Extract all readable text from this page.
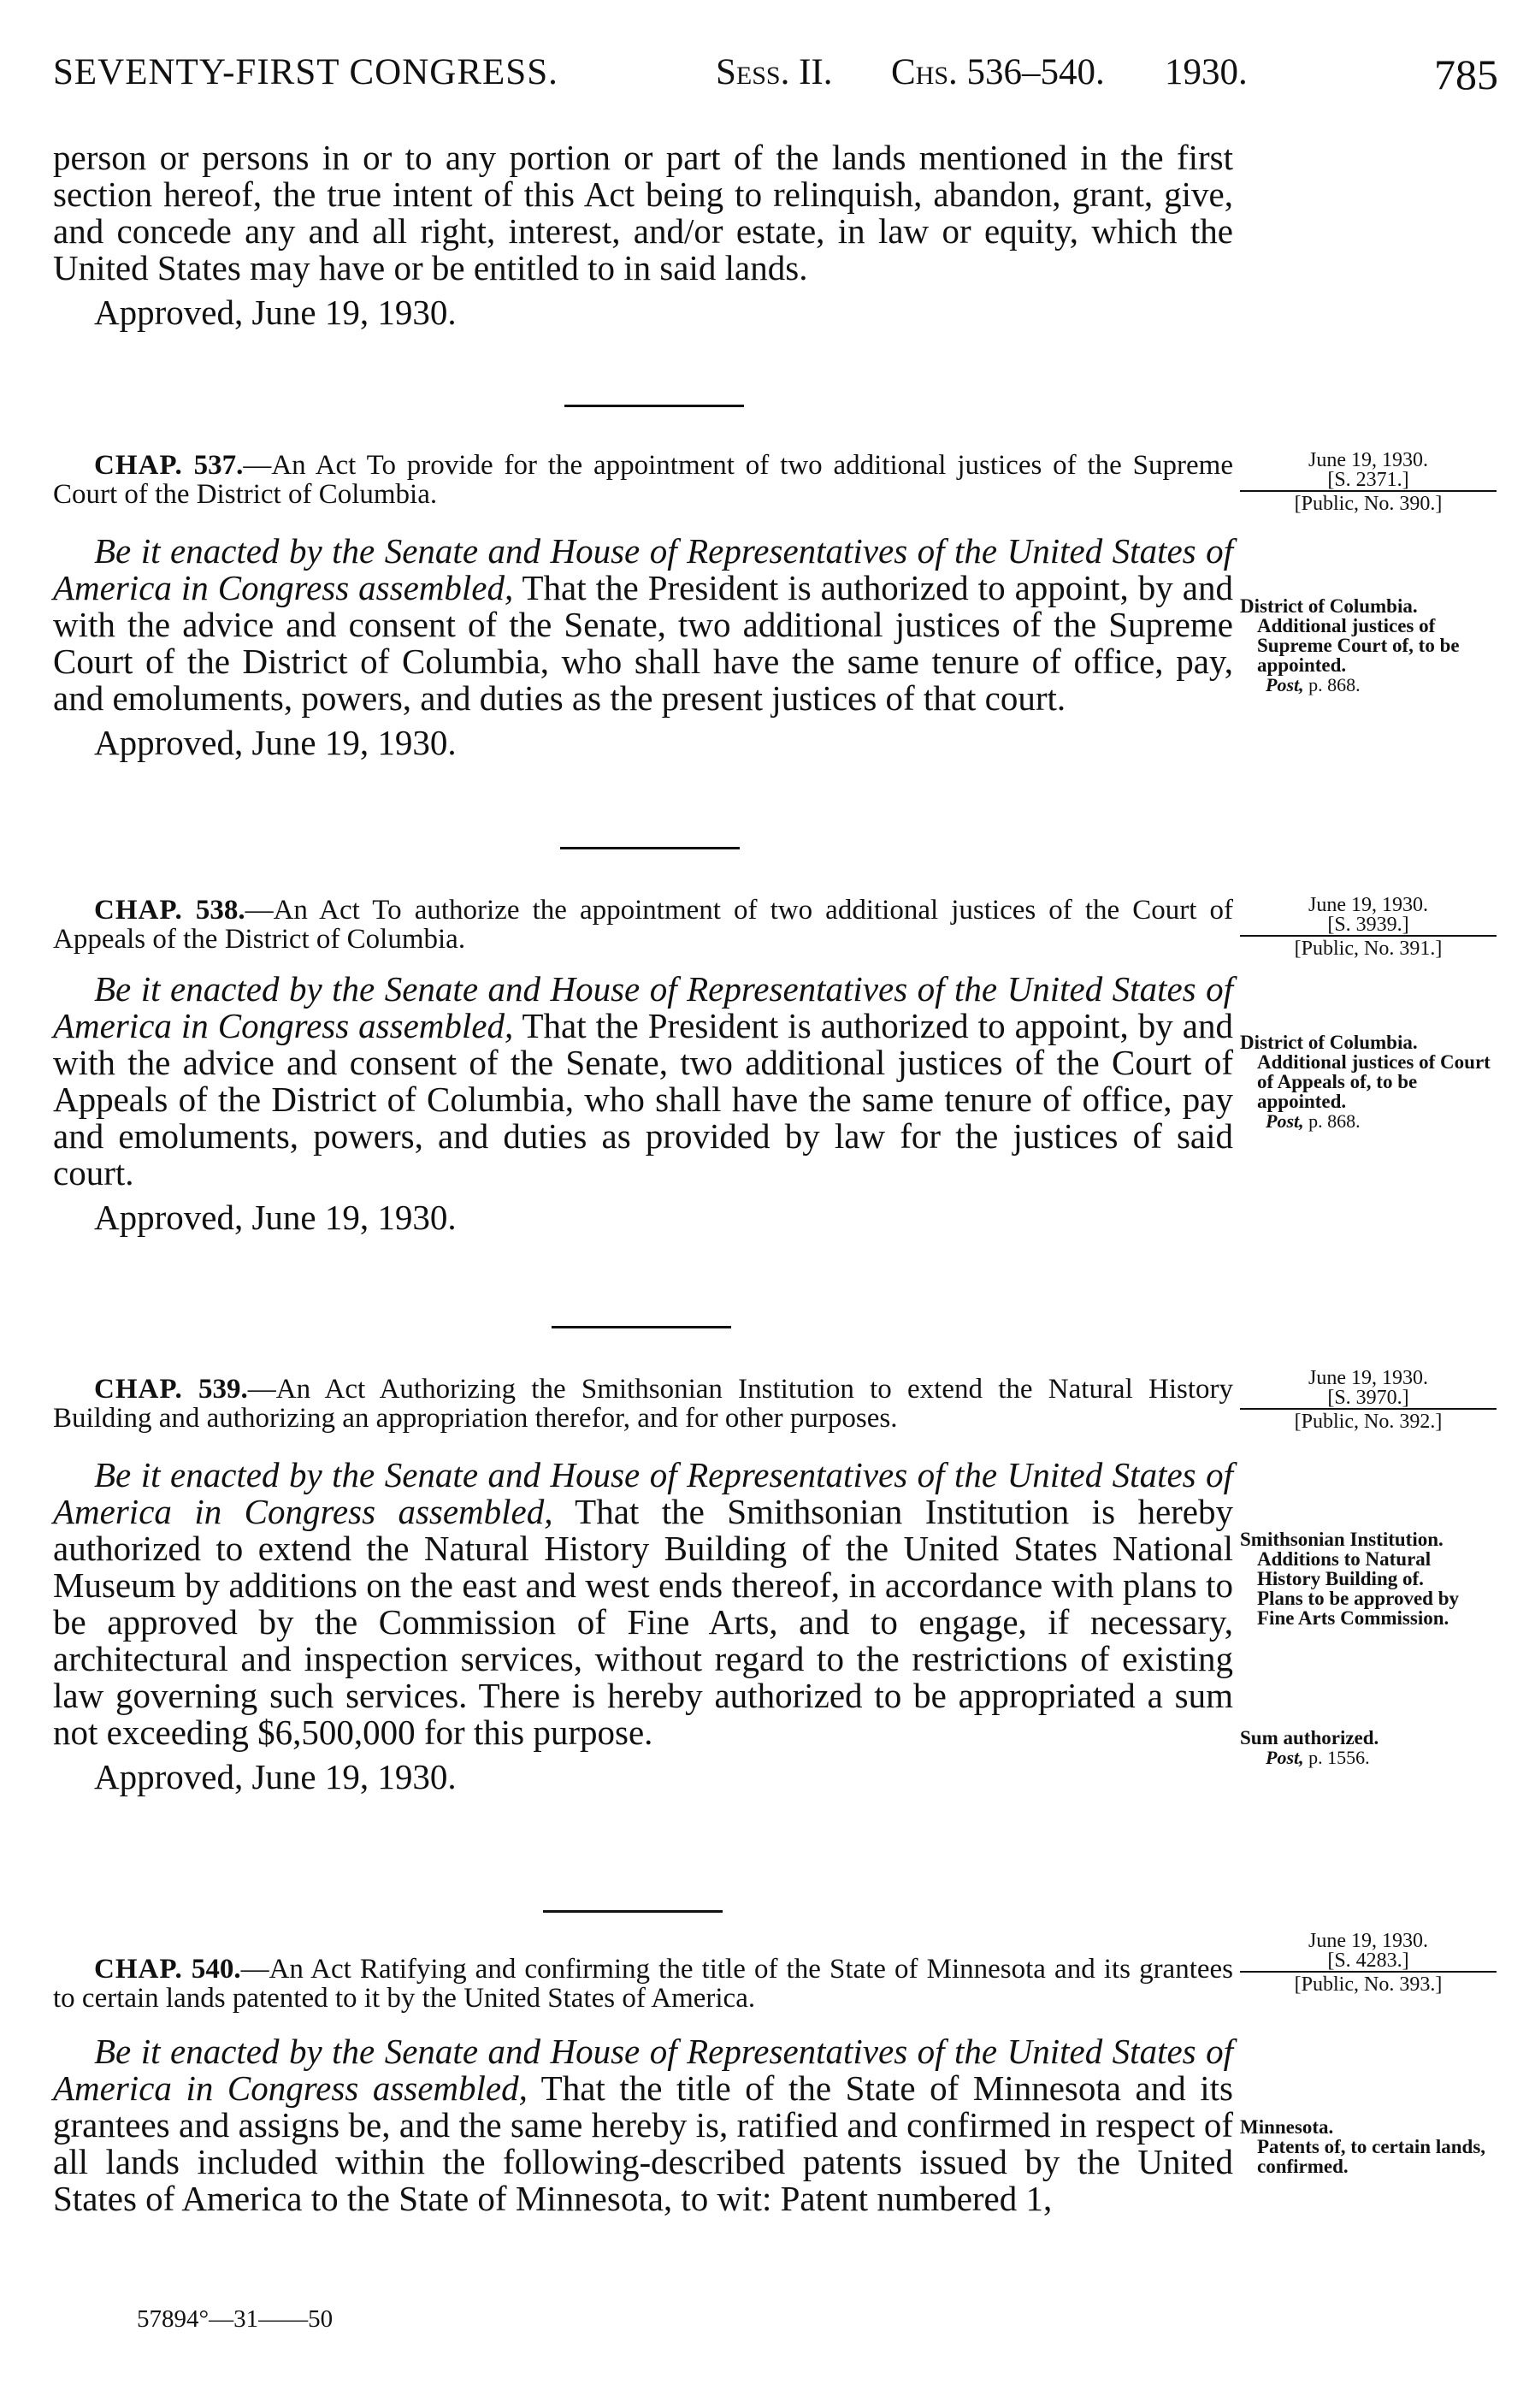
SEVENTY-FIRST CONGRESS.	Sess. II. Chs. 536–540. 1930.	785

person or persons in or to any portion or part of the lands mentioned in the first section hereof, the true intent of this Act being to relinquish, abandon, grant, give, and concede any and all right, interest, and/or estate, in law or equity, which the United States may have or be entitled to in said lands.

Approved, June 19, 1930.

CHAP. 537.—An Act To provide for the appointment of two additional justices of the Supreme Court of the District of Columbia.

Be it enacted by the Senate and House of Representatives of the United States of America in Congress assembled, That the President is authorized to appoint, by and with the advice and consent of the Senate, two additional justices of the Supreme Court of the District of Columbia, who shall have the same tenure of office, pay, and emoluments, powers, and duties as the present justices of that court.

Approved, June 19, 1930.
June 19, 1930.
[S. 2371.]
[Public, No. 390.]
District of Columbia.
Additional justices of Supreme Court of, to be appointed.
Post, p. 868.

CHAP. 538.—An Act To authorize the appointment of two additional justices of the Court of Appeals of the District of Columbia.

Be it enacted by the Senate and House of Representatives of the United States of America in Congress assembled, That the President is authorized to appoint, by and with the advice and consent of the Senate, two additional justices of the Court of Appeals of the District of Columbia, who shall have the same tenure of office, pay and emoluments, powers, and duties as provided by law for the justices of said court.

Approved, June 19, 1930.
June 19, 1930.
[S. 3939.]
[Public, No. 391.]
District of Columbia.
Additional justices of Court of Appeals of, to be appointed.
Post, p. 868.

CHAP. 539.—An Act Authorizing the Smithsonian Institution to extend the Natural History Building and authorizing an appropriation therefor, and for other purposes.

Be it enacted by the Senate and House of Representatives of the United States of America in Congress assembled, That the Smithsonian Institution is hereby authorized to extend the Natural History Building of the United States National Museum by additions on the east and west ends thereof, in accordance with plans to be approved by the Commission of Fine Arts, and to engage, if necessary, architectural and inspection services, without regard to the restrictions of existing law governing such services. There is hereby authorized to be appropriated a sum not exceeding $6,500,000 for this purpose.

Approved, June 19, 1930.
June 19, 1930.
[S. 3970.]
[Public, No. 392.]
Smithsonian Institution.
Additions to Natural History Building of.
Plans to be approved by Fine Arts Commission.
Sum authorized.
Post, p. 1556.

CHAP. 540.—An Act Ratifying and confirming the title of the State of Minnesota and its grantees to certain lands patented to it by the United States of America.

Be it enacted by the Senate and House of Representatives of the United States of America in Congress assembled, That the title of the State of Minnesota and its grantees and assigns be, and the same hereby is, ratified and confirmed in respect of all lands included within the following-described patents issued by the United States of America to the State of Minnesota, to wit: Patent numbered 1,

June 19, 1930.
[S. 4283.]
[Public, No. 393.]
Minnesota.
Patents of, to certain lands, confirmed.
57894°—31——50
